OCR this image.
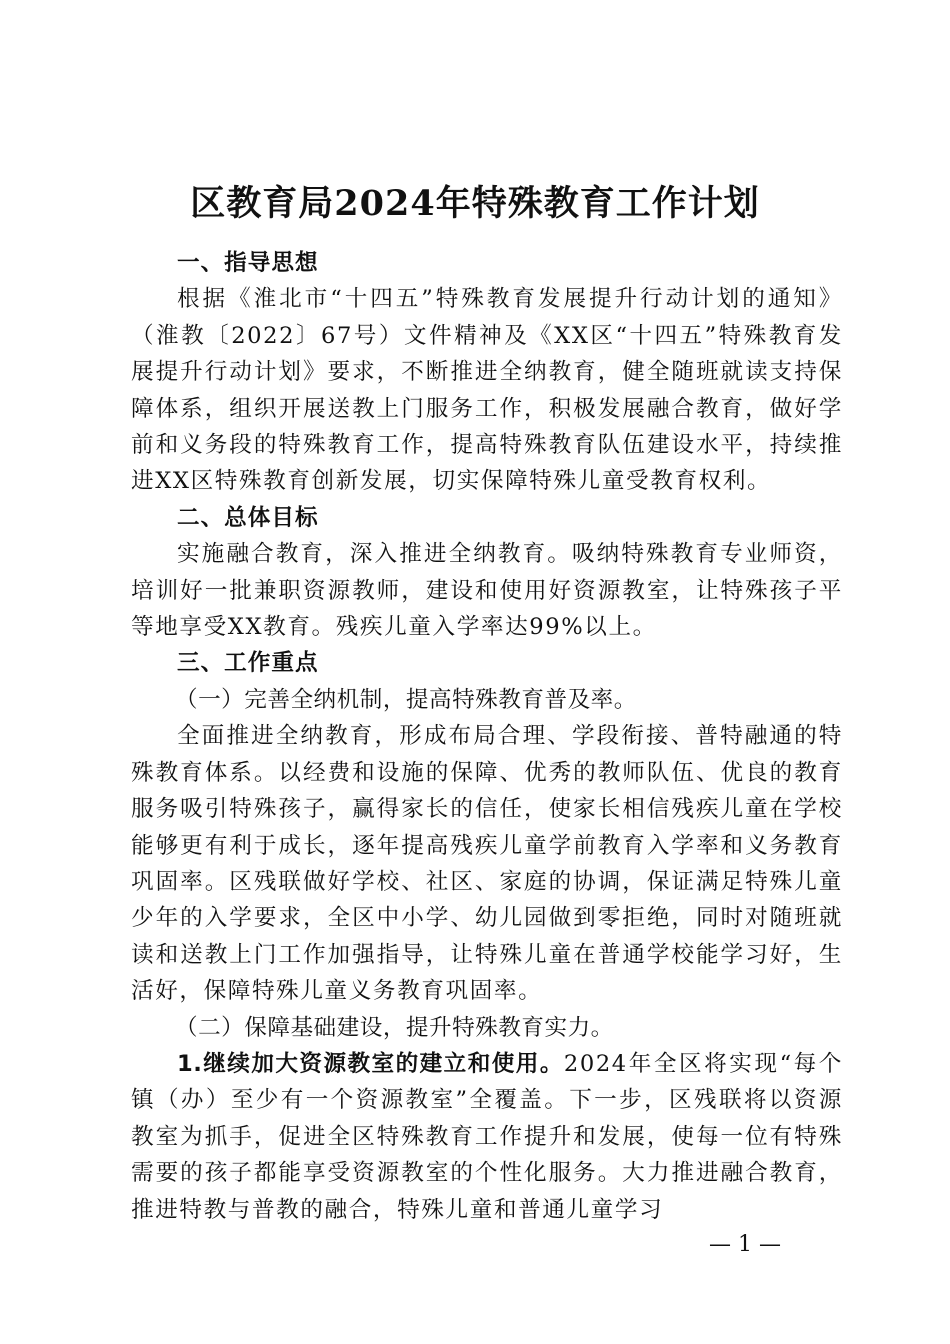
区教育局2024年特殊教育工作计划

一、指导思想

根据《淮北市“十四五”特殊教育发展提升行动计划的通知》（淮教〔2022〕67号）文件精神及《XX区“十四五”特殊教育发展提升行动计划》要求，不断推进全纳教育，健全随班就读支持保障体系，组织开展送教上门服务工作，积极发展融合教育，做好学前和义务段的特殊教育工作，提高特殊教育队伍建设水平，持续推进XX区特殊教育创新发展，切实保障特殊儿童受教育权利。

二、总体目标

实施融合教育，深入推进全纳教育。吸纳特殊教育专业师资，培训好一批兼职资源教师，建设和使用好资源教室，让特殊孩子平等地享受XX教育。残疾儿童入学率达99%以上。

三、工作重点

（一）完善全纳机制，提高特殊教育普及率。

全面推进全纳教育，形成布局合理、学段衔接、普特融通的特殊教育体系。以经费和设施的保障、优秀的教师队伍、优良的教育服务吸引特殊孩子，赢得家长的信任，使家长相信残疾儿童在学校能够更有利于成长，逐年提高残疾儿童学前教育入学率和义务教育巩固率。区残联做好学校、社区、家庭的协调，保证满足特殊儿童少年的入学要求，全区中小学、幼儿园做到零拒绝，同时对随班就读和送教上门工作加强指导，让特殊儿童在普通学校能学习好，生活好，保障特殊儿童义务教育巩固率。

（二）保障基础建设，提升特殊教育实力。

1.继续加大资源教室的建立和使用。2024年全区将实现“每个镇（办）至少有一个资源教室”全覆盖。下一步，区残联将以资源教室为抓手，促进全区特殊教育工作提升和发展，使每一位有特殊需要的孩子都能享受资源教室的个性化服务。大力推进融合教育，推进特教与普教的融合，特殊儿童和普通儿童学习

— 1 —
